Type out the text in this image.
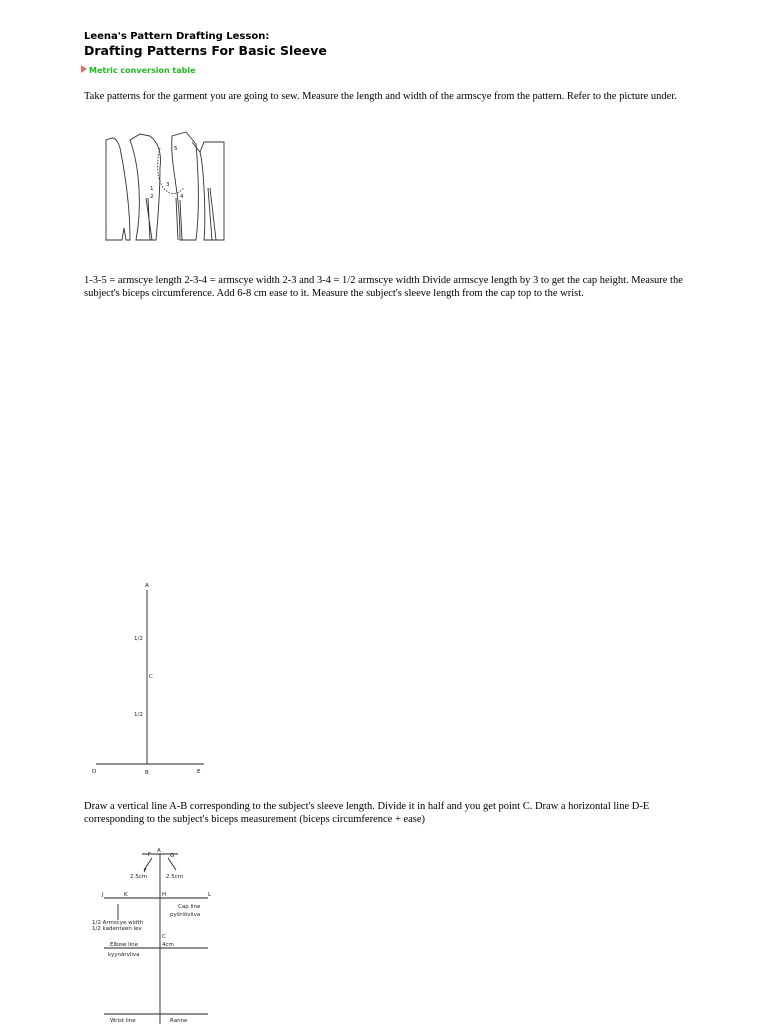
Leena's Pattern Drafting Lesson:
Drafting Patterns For Basic Sleeve
Metric conversion table
Take patterns for the garment you are going to sew. Measure the length and width of the armscye from the pattern. Refer to the picture under.
5
3
2	4
1
1-3-5 = armscye length 2-3-4 = armscye width 2-3 and 3-4 = 1/2 armscye width Divide armscye length by 3 to get the cap height. Measure the subject's biceps circumference. Add 6-8 cm ease to it. Measure the subject's sleeve length from the cap top to the wrist.
A
1/2
C
1/2
D	B	E
Draw a vertical line A-B corresponding to the subject's sleeve length. Divide it in half and you get point C. Draw a horizontal line D-E corresponding to the subject's biceps measurement (biceps circumference + ease)
A
F	G
2.5cm	2.5cm
J	K	H	L
Cap line
pyöriöviiva
1/2 Armscye width
1/2 kadenteen lev
C
4cm
Elbow line
kyynärviiva
Wrist line	Ranne
